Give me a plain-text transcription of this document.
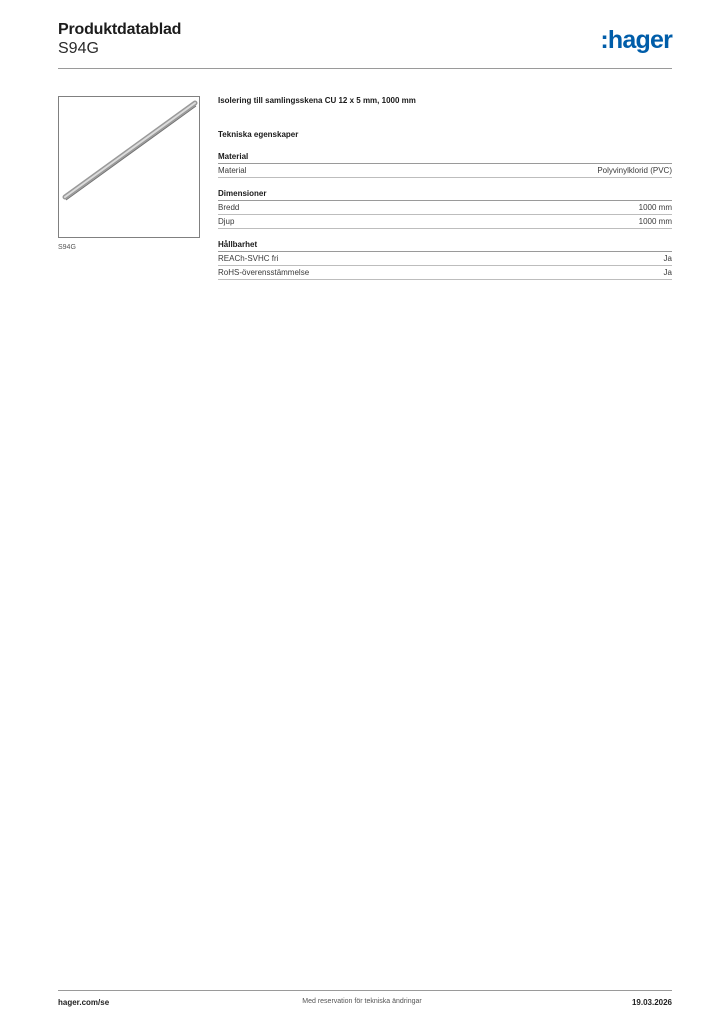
Produktdatablad
S94G	:hager
S94G
Isolering till samlingsskena CU 12 x 5 mm, 1000 mm
Tekniska egenskaper
Material
Material	Polyvinylklorid (PVC)
Dimensioner
Bredd	1000 mm
Djup	1000 mm
Hållbarhet
REACh-SVHC fri	Ja
RoHS-överensstämmelse	Ja
Med reservation för tekniska ändringar
hager.com/se	19.03.2026
